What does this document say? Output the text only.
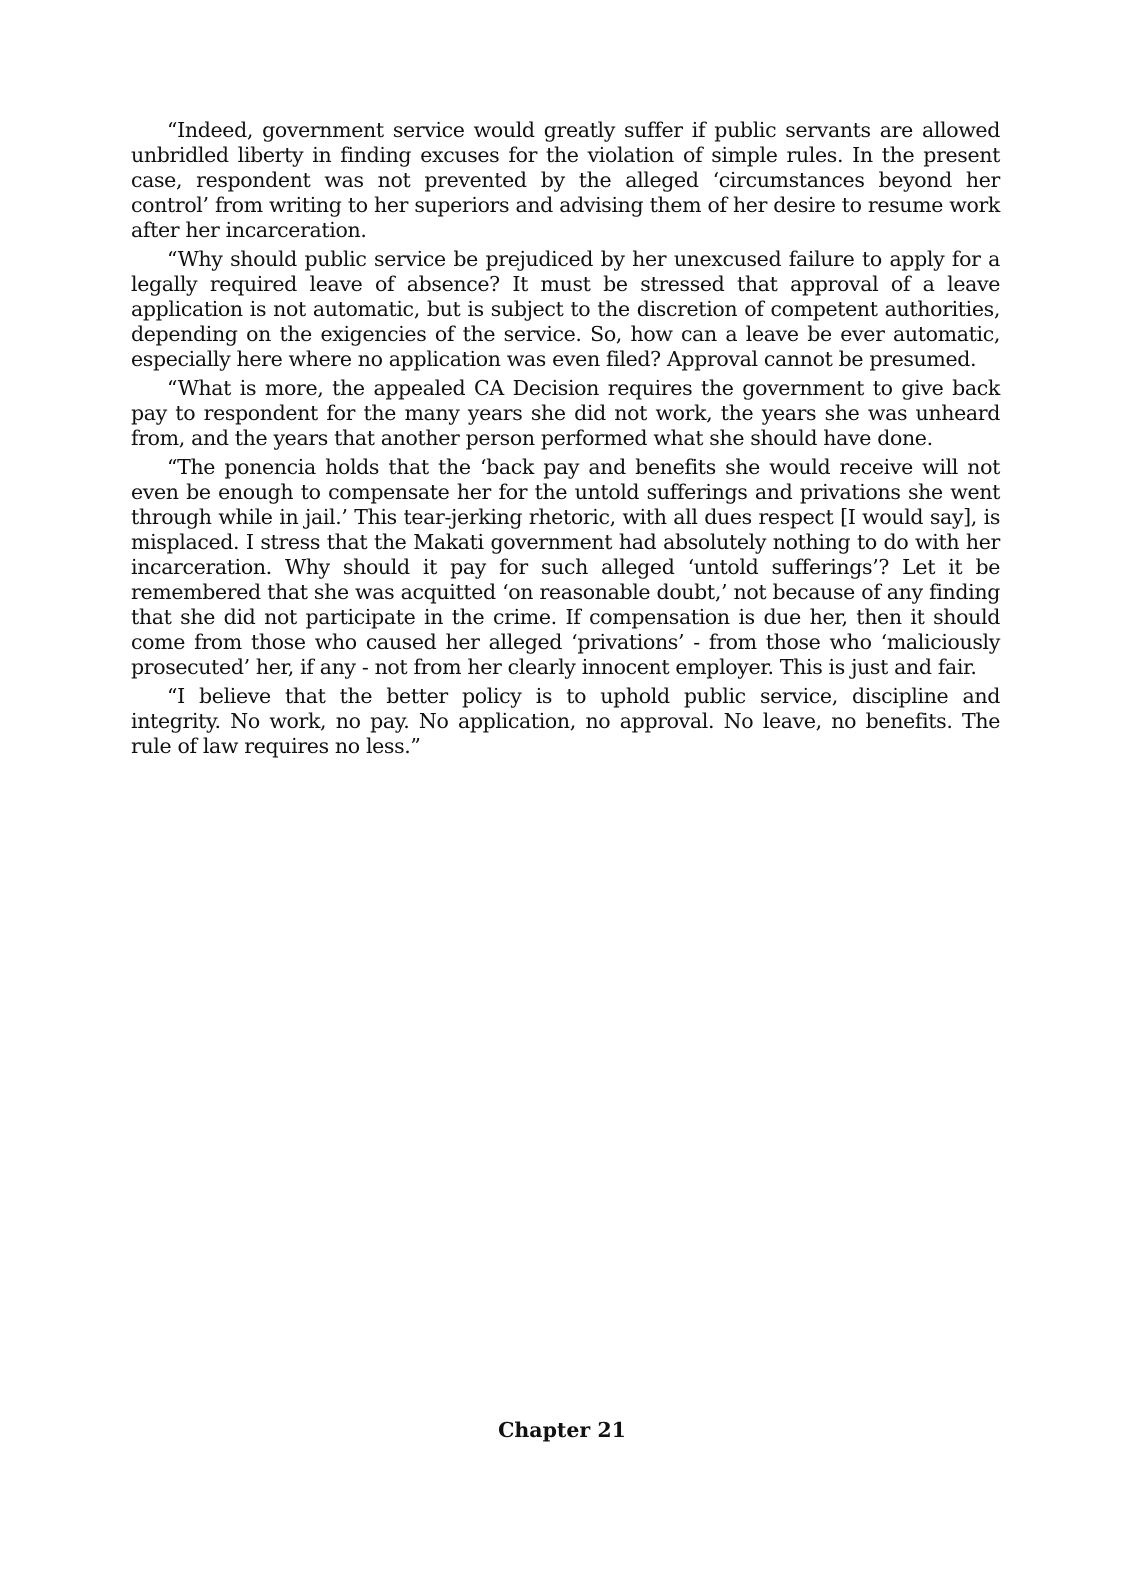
“Indeed, government service would greatly suffer if public servants are allowed unbridled liberty in finding excuses for the violation of simple rules. In the present case, respondent was not prevented by the alleged ‘circumstances beyond her control’ from writing to her superiors and advising them of her desire to resume work after her incarceration.

“Why should public service be prejudiced by her unexcused failure to apply for a legally required leave of absence? It must be stressed that approval of a leave application is not automatic, but is subject to the discretion of competent authorities, depending on the exigencies of the service. So, how can a leave be ever automatic, especially here where no application was even filed? Approval cannot be presumed.

“What is more, the appealed CA Decision requires the government to give back pay to respondent for the many years she did not work, the years she was unheard from, and the years that another person performed what she should have done.

“The ponencia holds that the ‘back pay and benefits she would receive will not even be enough to compensate her for the untold sufferings and privations she went through while in jail.’ This tear-jerking rhetoric, with all dues respect [I would say], is misplaced. I stress that the Makati government had absolutely nothing to do with her incarceration. Why should it pay for such alleged ‘untold sufferings’? Let it be remembered that she was acquitted ‘on reasonable doubt,’ not because of any finding that she did not participate in the crime. If compensation is due her, then it should come from those who caused her alleged ‘privations’ - from those who ‘maliciously prosecuted’ her, if any - not from her clearly innocent employer. This is just and fair.

“I believe that the better policy is to uphold public service, discipline and integrity. No work, no pay. No application, no approval. No leave, no benefits. The rule of law requires no less.”

Chapter 21
